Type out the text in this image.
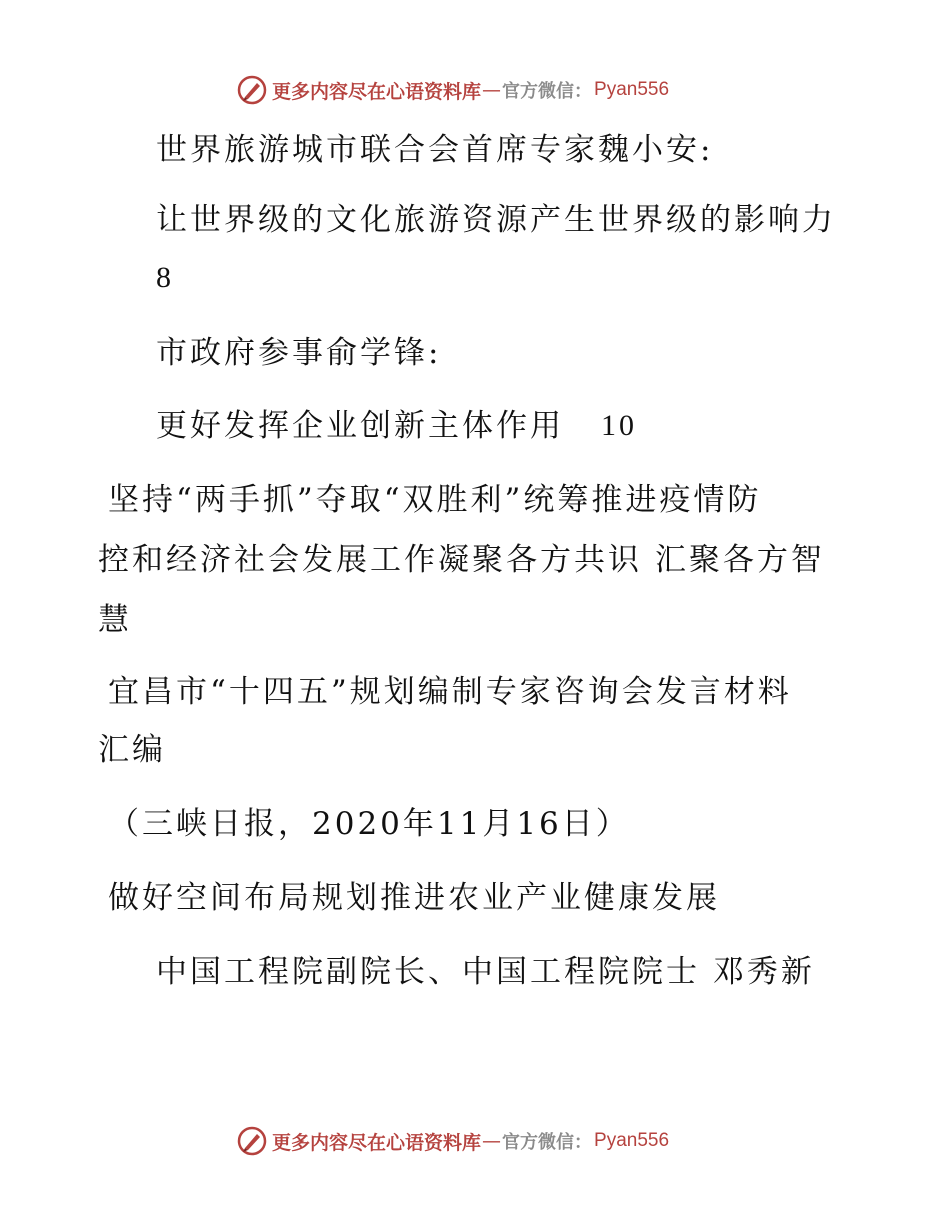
更多内容尽在心语资料库 — 官方微信： Pyan556
世界旅游城市联合会首席专家魏小安:
让世界级的文化旅游资源产生世界级的影响力
8
市政府参事俞学锋:
更好发挥企业创新主体作用 10
坚持“两手抓”夺取“双胜利”统筹推进疫情防
控和经济社会发展工作凝聚各方共识 汇聚各方智
慧
宜昌市“十四五”规划编制专家咨询会发言材料
汇编
（三峡日报，2020年11月16日）
做好空间布局规划推进农业产业健康发展
中国工程院副院长、中国工程院院士 邓秀新
更多内容尽在心语资料库 — 官方微信： Pyan556
